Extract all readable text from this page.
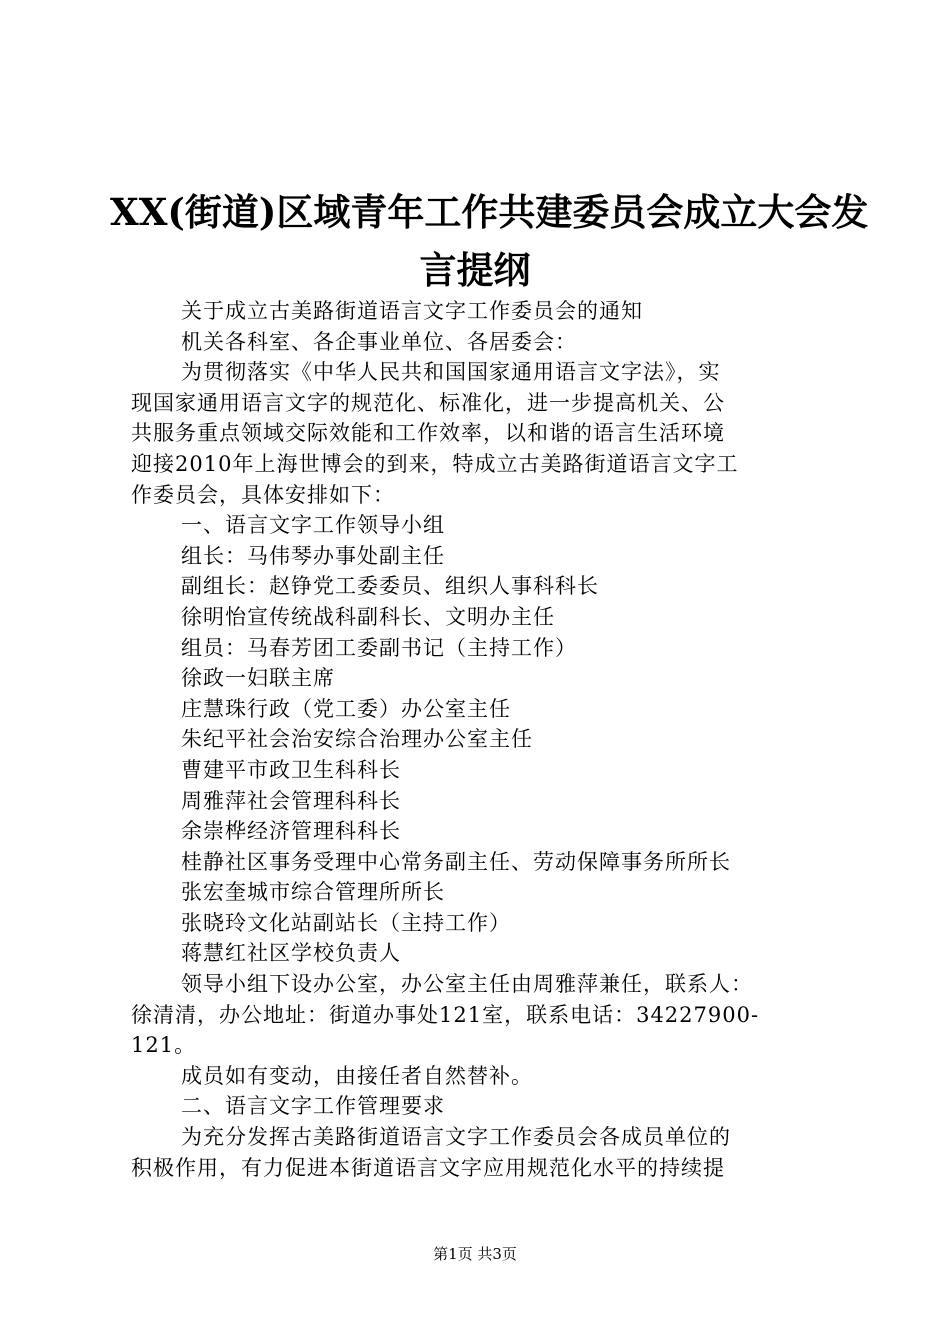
XX(街道)区域青年工作共建委员会成立大会发
言提纲

关于成立古美路街道语言文字工作委员会的通知

机关各科室、各企事业单位、各居委会：

为贯彻落实《中华人民共和国国家通用语言文字法》，实

现国家通用语言文字的规范化、标准化，进一步提高机关、公

共服务重点领域交际效能和工作效率，以和谐的语言生活环境

迎接2010年上海世博会的到来，特成立古美路街道语言文字工

作委员会，具体安排如下：

一、语言文字工作领导小组

组长：马伟琴办事处副主任

副组长：赵铮党工委委员、组织人事科科长

徐明怡宣传统战科副科长、文明办主任

组员：马春芳团工委副书记（主持工作）

徐政一妇联主席

庄慧珠行政（党工委）办公室主任

朱纪平社会治安综合治理办公室主任

曹建平市政卫生科科长

周雅萍社会管理科科长

余崇桦经济管理科科长

桂静社区事务受理中心常务副主任、劳动保障事务所所长

张宏奎城市综合管理所所长

张晓玲文化站副站长（主持工作）

蒋慧红社区学校负责人

领导小组下设办公室，办公室主任由周雅萍兼任，联系人：

徐清清，办公地址：街道办事处121室，联系电话：34227900-

121。

成员如有变动，由接任者自然替补。

二、语言文字工作管理要求

为充分发挥古美路街道语言文字工作委员会各成员单位的

积极作用，有力促进本街道语言文字应用规范化水平的持续提

第1页 共3页
